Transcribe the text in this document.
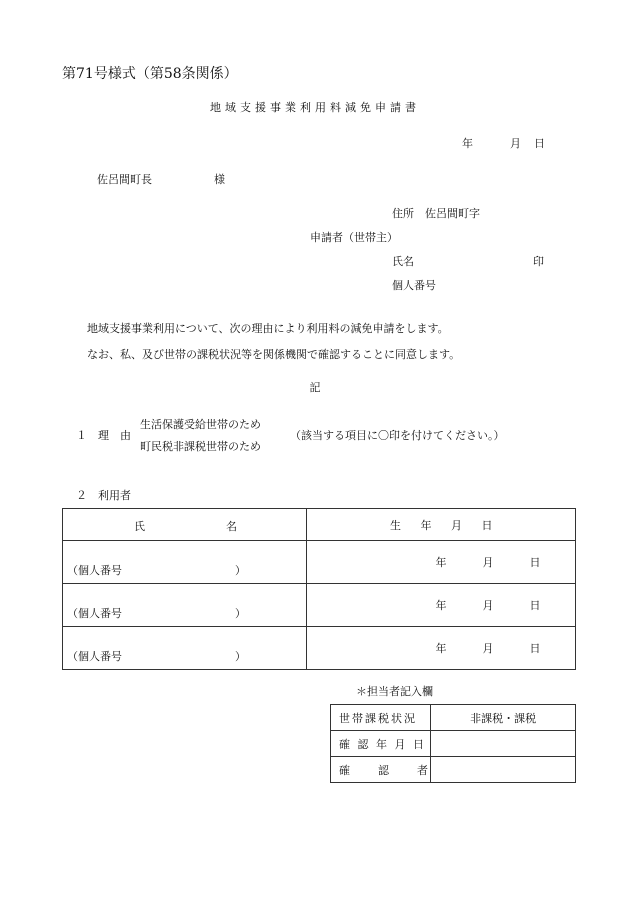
第71号様式（第58条関係）
地域支援事業利用料減免申請書
年	月	日
佐呂間町長	様
住所　佐呂間町字
申請者（世帯主）
氏名	印
個人番号
地域支援事業利用について、次の理由により利用料の減免申請をします。
なお、私、及び世帯の課税状況等を関係機関で確認することに同意します。
記
１　理　由
生活保護受給世帯のため
町民税非課税世帯のため
（該当する項目に〇印を付けてください。）
２　利用者
氏 名	生 年 月 日

（個人番号 ）	年 月 日

（個人番号 ）	年 月 日

（個人番号 ）	年 月 日
＊担当者記入欄
世帯課税状況	非課税・課税
確 認 年 月 日	
確　　認　　者	
